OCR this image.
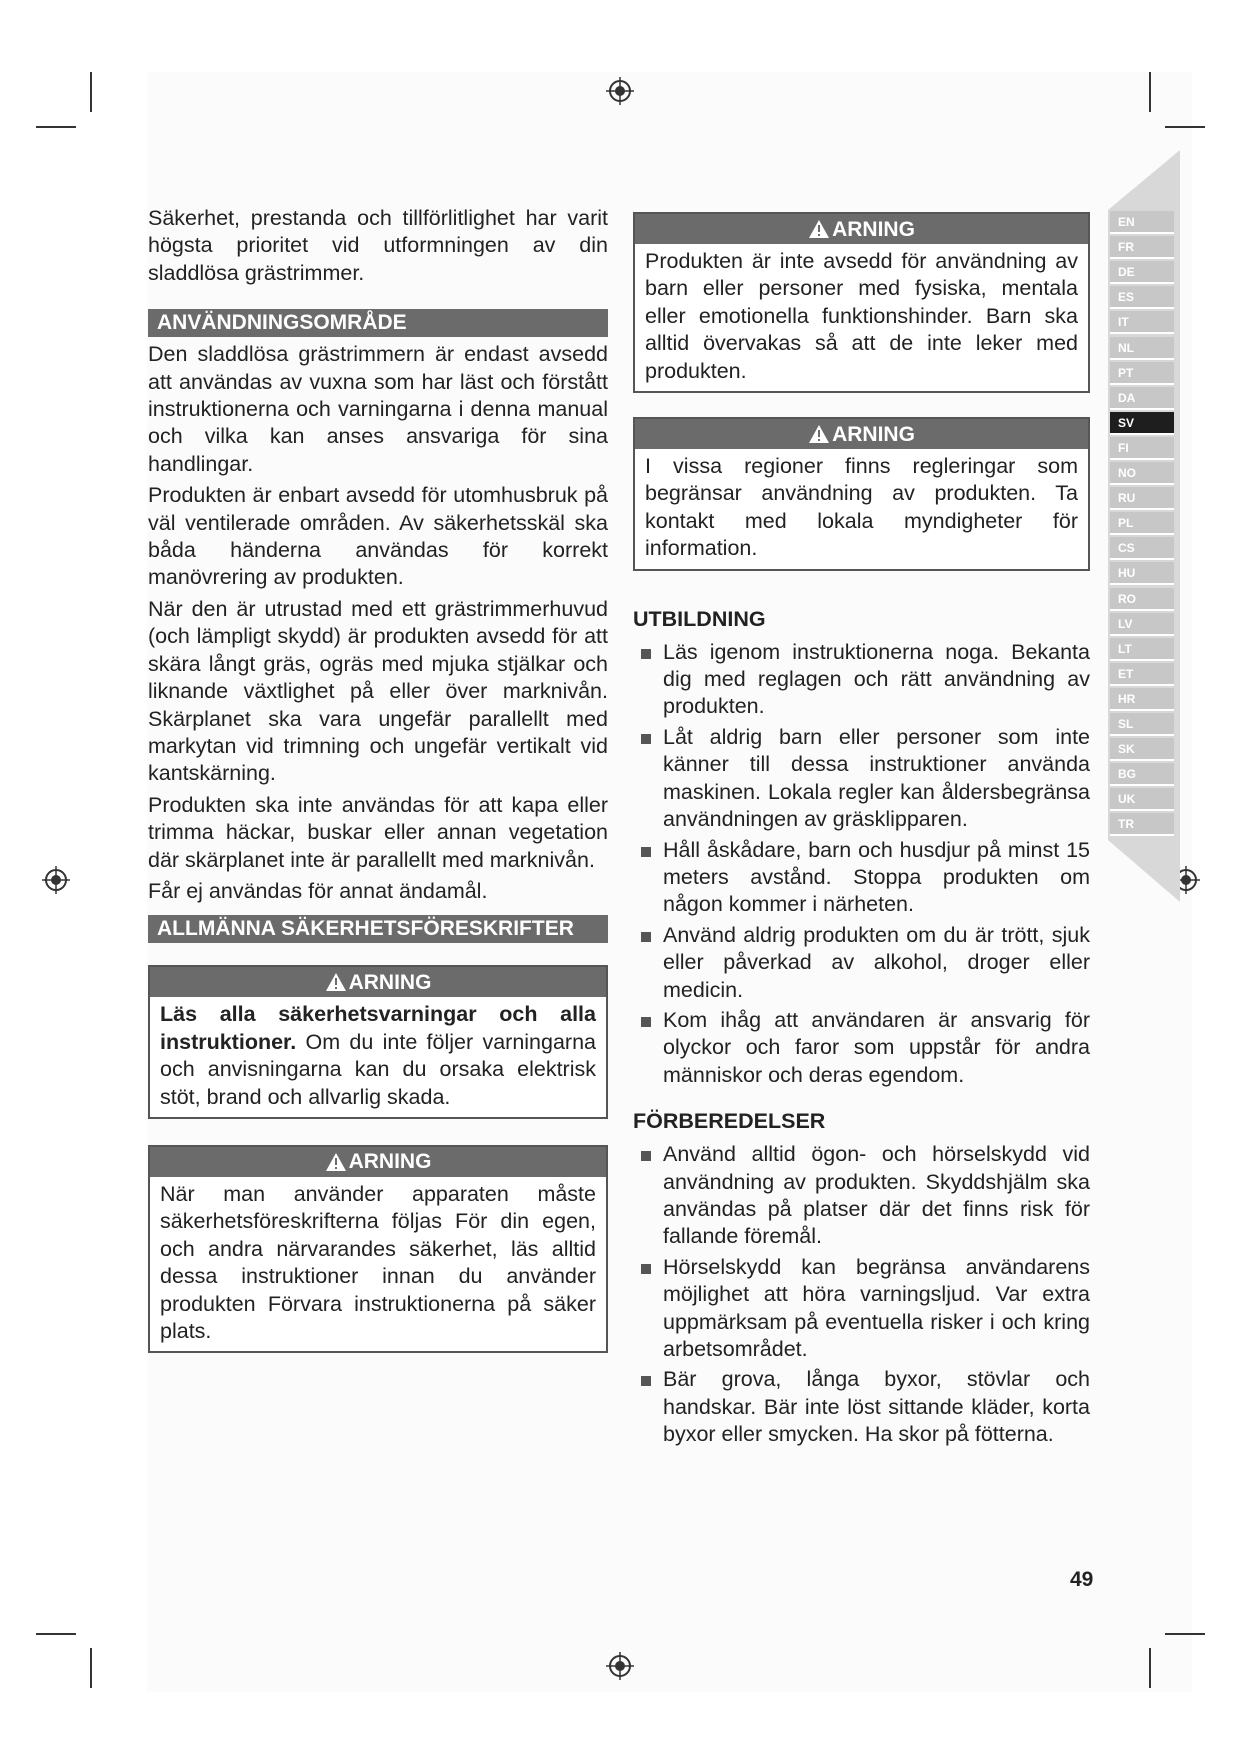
EN
FR
DE
ES
IT
NL
PT
DA
SV
FI
NO
RU
PL
CS
HU
RO
LV
LT
ET
HR
SL
SK
BG
UK
TR

Säkerhet, prestanda och tillförlitlighet har varit högsta prioritet vid utformningen av din sladdlösa grästrimmer.

ANVÄNDNINGSOMRÅDE

Den sladdlösa grästrimmern är endast avsedd att användas av vuxna som har läst och förstått instruktionerna och varningarna i denna manual och vilka kan anses ansvariga för sina handlingar.

Produkten är enbart avsedd för utomhusbruk på väl ventilerade områden. Av säkerhetsskäl ska båda händerna användas för korrekt manövrering av produkten.

När den är utrustad med ett grästrimmerhuvud (och lämpligt skydd) är produkten avsedd för att skära långt gräs, ogräs med mjuka stjälkar och liknande växtlighet på eller över marknivån. Skärplanet ska vara ungefär parallellt med markytan vid trimning och ungefär vertikalt vid kantskärning.

Produkten ska inte användas för att kapa eller trimma häckar, buskar eller annan vegetation där skärplanet inte är parallellt med marknivån.

Får ej användas för annat ändamål.

ALLMÄNNA SÄKERHETSFÖRESKRIFTER
ARNING
Läs alla säkerhetsvarningar och alla instruktioner. Om du inte följer varningarna och anvisningarna kan du orsaka elektrisk stöt, brand och allvarlig skada.
ARNING
När man använder apparaten måste säkerhetsföreskrifterna följas För din egen, och andra närvarandes säkerhet, läs alltid dessa instruktioner innan du använder produkten Förvara instruktionerna på säker plats.
ARNING
Produkten är inte avsedd för användning av barn eller personer med fysiska, mentala eller emotionella funktionshinder. Barn ska alltid övervakas så att de inte leker med produkten.
ARNING
I vissa regioner finns regleringar som begränsar användning av produkten. Ta kontakt med lokala myndigheter för information.
UTBILDNING
Läs igenom instruktionerna noga. Bekanta dig med reglagen och rätt användning av produkten.
Låt aldrig barn eller personer som inte känner till dessa instruktioner använda maskinen. Lokala regler kan åldersbegränsa användningen av gräsklipparen.
Håll åskådare, barn och husdjur på minst 15 meters avstånd. Stoppa produkten om någon kommer i närheten.
Använd aldrig produkten om du är trött, sjuk eller påverkad av alkohol, droger eller medicin.
Kom ihåg att användaren är ansvarig för olyckor och faror som uppstår för andra människor och deras egendom.
FÖRBEREDELSER
Använd alltid ögon- och hörselskydd vid användning av produkten. Skyddshjälm ska användas på platser där det finns risk för fallande föremål.
Hörselskydd kan begränsa användarens möjlighet att höra varningsljud. Var extra uppmärksam på eventuella risker i och kring arbetsområdet.
Bär grova, långa byxor, stövlar och handskar. Bär inte löst sittande kläder, korta byxor eller smycken. Ha skor på fötterna.
49
